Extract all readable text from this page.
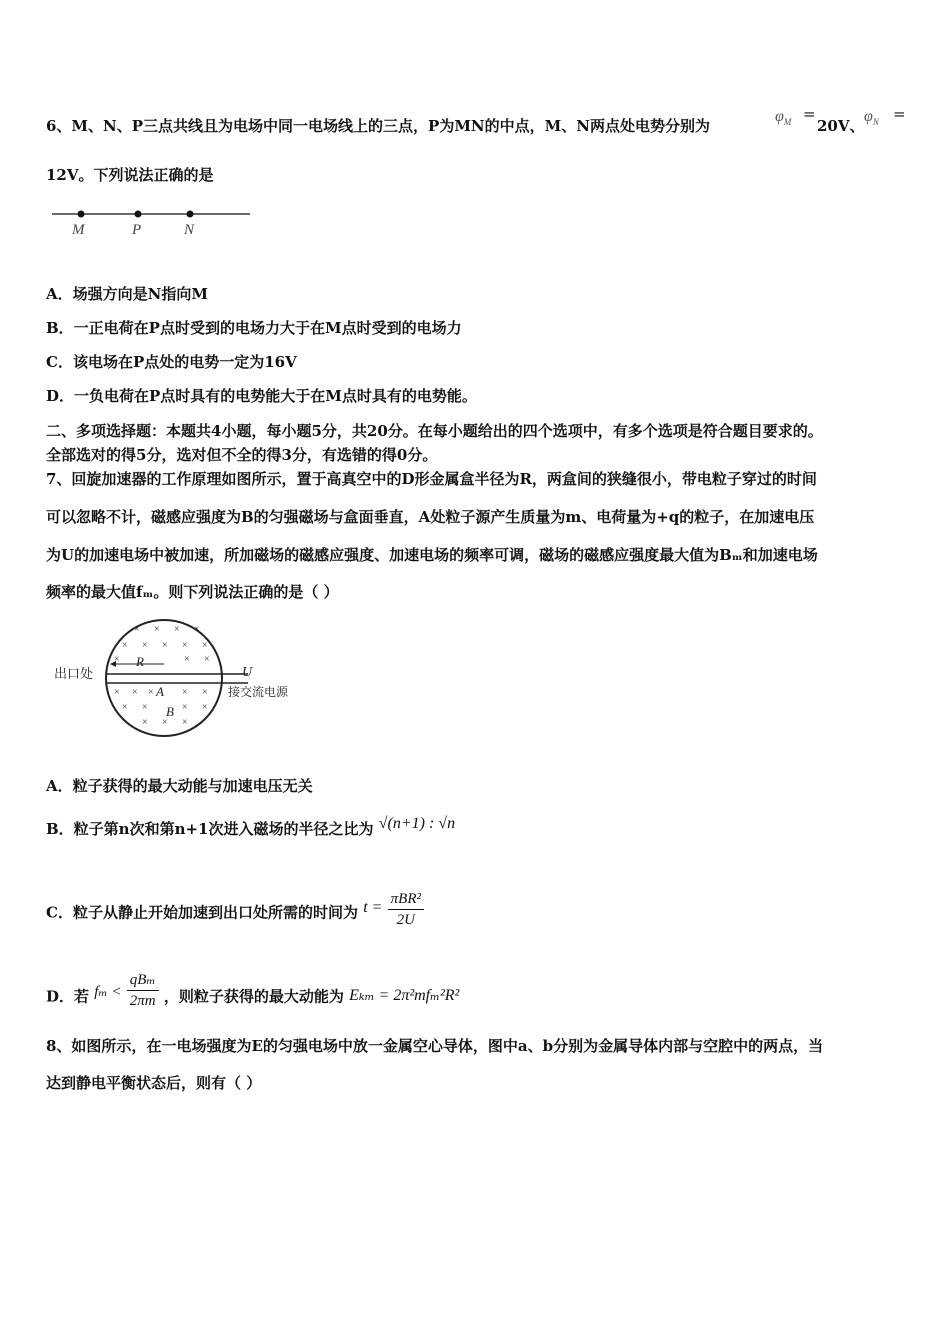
6、M、N、P三点共线且为电场中同一电场线上的三点，P为MN的中点，M、N两点处电势分别为
$\varphi_M$ =
20V、
$\varphi_N$ =
12V。下列说法正确的是
M	P	N
A．场强方向是N指向M
B．一正电荷在P点时受到的电场力大于在M点时受到的电场力
C．该电场在P点处的电势一定为16V
D．一负电荷在P点时具有的电势能大于在M点时具有的电势能。
二、多项选择题：本题共4小题，每小题5分，共20分。在每小题给出的四个选项中，有多个选项是符合题目要求的。
全部选对的得5分，选对但不全的得3分，有选错的得0分。
7、回旋加速器的工作原理如图所示，置于高真空中的D形金属盒半径为R，两盒间的狭缝很小，带电粒子穿过的时间
可以忽略不计，磁感应强度为B的匀强磁场与盒面垂直，A处粒子源产生质量为m、电荷量为+q的粒子，在加速电压
为U的加速电场中被加速，所加磁场的磁感应强度、加速电场的频率可调，磁场的磁感应强度最大值为Bₘ和加速电场
频率的最大值fₘ。则下列说法正确的是（ ）
× × × ×
× × × × ×
×	× ×
× × ×	× ×
× ×	× ×
× × ×
R
A
B
出口处	U
接交流电源
A．粒子获得的最大动能与加速电压无关
B．粒子第n次和第n+1次进入磁场的半径之比为 √(n+1) : √n
C．粒子从静止开始加速到出口处所需的时间为 $t = \frac{\text{πBR²}}{2U}$
D．若 $f_m < \frac{\text{qBₘ}}{2\pi m}$ ，则粒子获得的最大动能为 Eₖₘ = 2π²mfₘ²R²
8、如图所示，在一电场强度为E的匀强电场中放一金属空心导体，图中a、b分别为金属导体内部与空腔中的两点，当
达到静电平衡状态后，则有（ ）
